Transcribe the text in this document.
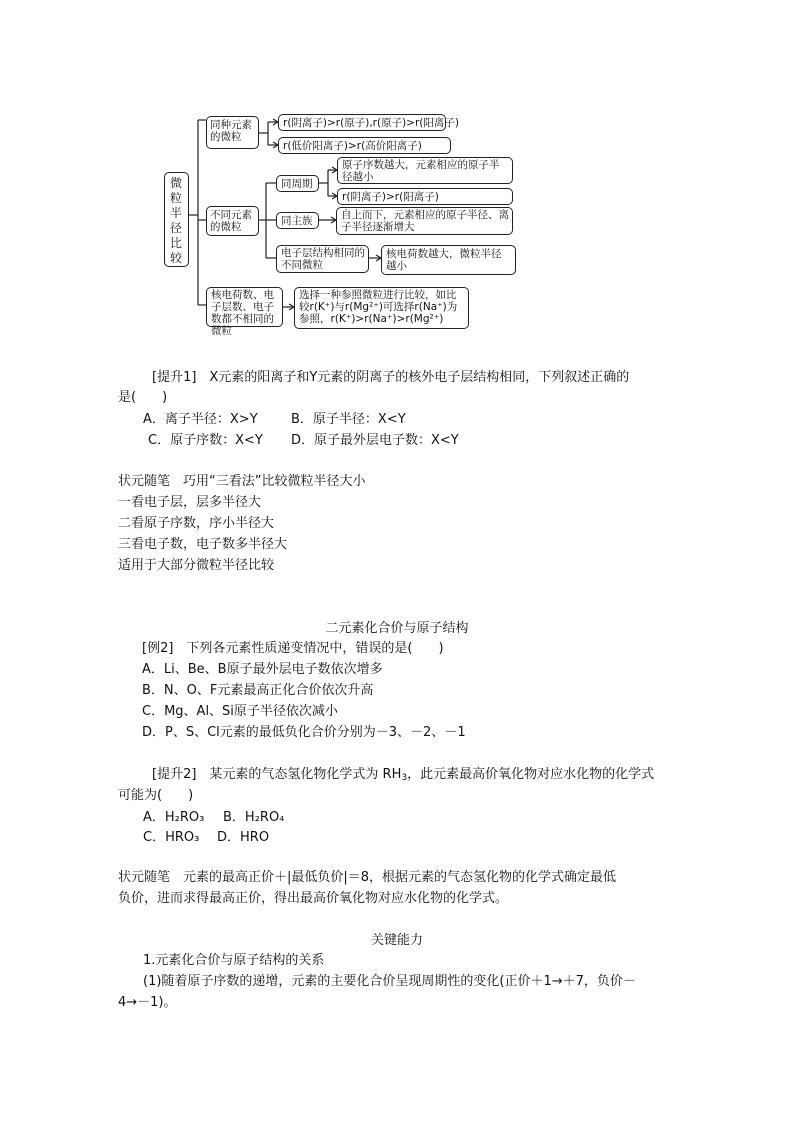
微粒半径比较
同种元素的微粒
r(阴离子)>r(原子),r(原子)>r(阳离子)
r(低价阳离子)>r(高价阳离子)
不同元素的微粒
同周期
原子序数越大，元素相应的原子半径越小
r(阴离子)>r(阳离子)
同主族	自上而下，元素相应的原子半径、离子半径逐渐增大
电子层结构相同的不同微粒
核电荷数越大，微粒半径越小
核电荷数、电子层数、电子数都不相同的微粒
选择一种参照微粒进行比较，如比较r(K⁺)与r(Mg²⁺)可选择r(Na⁺)为参照，r(K⁺)>r(Na⁺)>r(Mg²⁺)
[提升1]　X元素的阳离子和Y元素的阴离子的核外电子层结构相同，下列叙述正确的
是(　　)
A．离子半径：X>Y	B．原子半径：X<Y
C．原子序数：X<Y D．原子最外层电子数：X<Y
状元随笔　巧用“三看法”比较微粒半径大小
一看电子层，层多半径大
二看原子序数，序小半径大
三看电子数，电子数多半径大
适用于大部分微粒半径比较
二元素化合价与原子结构
[例2]　下列各元素性质递变情况中，错误的是(　　)
A．Li、Be、B原子最外层电子数依次增多
B．N、O、F元素最高正化合价依次升高
C．Mg、Al、Si原子半径依次减小
D．P、S、Cl元素的最低负化合价分别为－3、－2、－1
[提升2]　某元素的气态氢化物化学式为 $RH_3$，此元素最高价氧化物对应水化物的化学式
可能为(　　)
A．H₂RO₃ B．H₂RO₄
C．HRO₃ D．HRO
状元随笔　元素的最高正价＋|最低负价|＝8，根据元素的气态氢化物的化学式确定最低
负价，进而求得最高正价，得出最高价氧化物对应水化物的化学式。
关键能力
1.元素化合价与原子结构的关系
(1)随着原子序数的递增，元素的主要化合价呈现周期性的变化(正价＋1→＋7，负价－
4→－1)。
